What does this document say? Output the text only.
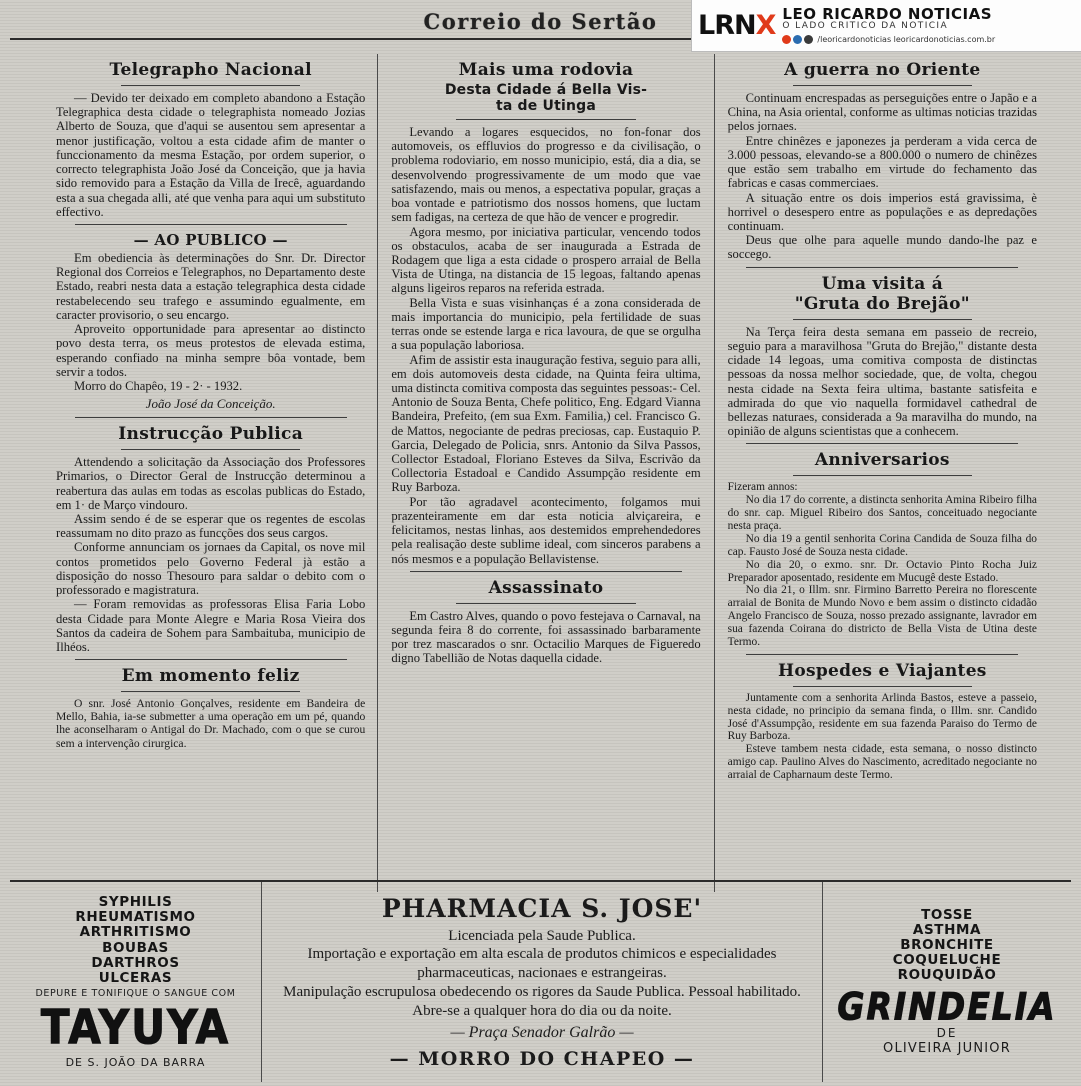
Correio do Sertão	LRNX LEO RICARDO NOTICIAS
O LADO CRITICO DA NOTICIA
/leoricardonoticias leoricardonoticias.com.br
Telegrapho Nacional

— Devido ter deixado em completo abandono a Estação Telegraphica desta cidade o telegraphista nomeado Jozias Alberto de Souza, que d'aqui se ausentou sem apresentar a menor justificação, voltou a esta cidade afim de manter o funccionamento da mesma Estação, por ordem superior, o correcto telegraphista João José da Conceição, que ja havia sido removido para a Estação da Villa de Irecê, aguardando esta a sua chegada alli, até que venha para aqui um substituto effectivo.

— AO PUBLICO —

Em obediencia às determinações do Snr. Dr. Director Regional dos Correios e Telegraphos, no Departamento deste Estado, reabri nesta data a estação telegraphica desta cidade restabelecendo seu trafego e assumindo egualmente, em caracter provisorio, o seu encargo.

Aproveito opportunidade para apresentar ao distincto povo desta terra, os meus protestos de elevada estima, esperando confiado na minha sempre bôa vontade, bem servir a todos.

Morro do Chapêo, 19 - 2· - 1932.

João José da Conceição.
Instrucção Publica

Attendendo a solicitação da Associação dos Professores Primarios, o Director Geral de Instrucção determinou a reabertura das aulas em todas as escolas publicas do Estado, em 1· de Março vindouro.

Assim sendo é de se esperar que os regentes de escolas reassumam no dito prazo as funcções dos seus cargos.

Conforme annunciam os jornaes da Capital, os nove mil contos prometidos pelo Governo Federal jà estão a disposição do nosso Thesouro para saldar o debito com o professorado e magistratura.

— Foram removidas as professoras Elisa Faria Lobo desta Cidade para Monte Alegre e Maria Rosa Vieira dos Santos da cadeira de Sohem para Sambaituba, municipio de Ilhéos.

Em momento feliz

O snr. José Antonio Gonçalves, residente em Bandeira de Mello, Bahia, ia-se submetter a uma operação em um pé, quando lhe aconselharam o Antigal do Dr. Machado, com o que se curou sem a intervenção cirurgica.

Mais uma rodovia
Desta Cidade á Bella Vis-
ta de Utinga

Levando a logares esquecidos, no fon-fonar dos automoveis, os effluvios do progresso e da civilisação, o problema rodoviario, em nosso municipio, está, dia a dia, se desenvolvendo progressivamente de um modo que vae satisfazendo, mais ou menos, a espectativa popular, graças a boa vontade e patriotismo dos nossos homens, que luctam sem fadigas, na certeza de que hão de vencer e progredir.

Agora mesmo, por iniciativa particular, vencendo todos os obstaculos, acaba de ser inaugurada a Estrada de Rodagem que liga a esta cidade o prospero arraial de Bella Vista de Utinga, na distancia de 15 legoas, faltando apenas alguns ligeiros reparos na referida estrada.

Bella Vista e suas visinhanças é a zona considerada de mais importancia do municipio, pela fertilidade de suas terras onde se estende larga e rica lavoura, de que se orgulha a sua população laboriosa.

Afim de assistir esta inauguração festiva, seguio para alli, em dois automoveis desta cidade, na Quinta feira ultima, uma distincta comitiva composta das seguintes pessoas:- Cel. Antonio de Souza Benta, Chefe politico, Eng. Edgard Vianna Bandeira, Prefeito, (em sua Exm. Familia,) cel. Francisco G. de Mattos, negociante de pedras preciosas, cap. Eustaquio P. Garcia, Delegado de Policia, snrs. Antonio da Silva Passos, Collector Estadoal, Floriano Esteves da Silva, Escrivão da Collectoria Estadoal e Candido Assumpção residente em Ruy Barboza.

Por tão agradavel acontecimento, folgamos mui prazenteiramente em dar esta noticia alviçareira, e felicitamos, nestas linhas, aos destemidos emprehendedores pela realisação deste sublime ideal, com sinceros parabens a nós mesmos e a população Bellavistense.

Assassinato

Em Castro Alves, quando o povo festejava o Carnaval, na segunda feira 8 do corrente, foi assassinado barbaramente por trez mascarados o snr. Octacilio Marques de Figueredo digno Tabellião de Notas daquella cidade.

A guerra no Oriente

Continuam encrespadas as perseguições entre o Japão e a China, na Asia oriental, conforme as ultimas noticias trazidas pelos jornaes.

Entre chinêzes e japonezes ja perderam a vida cerca de 3.000 pessoas, elevando-se a 800.000 o numero de chinêzes que estão sem trabalho em virtude do fechamento das fabricas e casas commerciaes.

A situação entre os dois imperios está gravissima, è horrivel o desespero entre as populações e as depredações continuam.

Deus que olhe para aquelle mundo dando-lhe paz e soccego.

Uma visita á
"Gruta do Brejão"

Na Terça feira desta semana em passeio de recreio, seguio para a maravilhosa "Gruta do Brejão," distante desta cidade 14 legoas, uma comitiva composta de distinctas pessoas da nossa melhor sociedade, que, de volta, chegou nesta cidade na Sexta feira ultima, bastante satisfeita e admirada do que vio naquella formidavel cathedral de bellezas naturaes, considerada a 9a maravilha do mundo, na opinião de alguns scientistas que a conhecem.

Anniversarios

Fizeram annos:

No dia 17 do corrente, a distincta senhorita Amina Ribeiro filha do snr. cap. Miguel Ribeiro dos Santos, conceituado negociante nesta praça.

No dia 19 a gentil senhorita Corina Candida de Souza filha do cap. Fausto José de Souza nesta cidade.

No dia 20, o exmo. snr. Dr. Octavio Pinto Rocha Juiz Preparador aposentado, residente em Mucugê deste Estado.

No dia 21, o Illm. snr. Firmino Barretto Pereira no florescente arraial de Bonita de Mundo Novo e bem assim o distincto cidadão Angelo Francisco de Souza, nosso prezado assignante, lavrador em sua fazenda Coirana do districto de Bella Vista de Utina deste Termo.

Hospedes e Viajantes

Juntamente com a senhorita Arlinda Bastos, esteve a passeio, nesta cidade, no principio da semana finda, o Illm. snr. Candido José d'Assumpção, residente em sua fazenda Paraiso do Termo de Ruy Barboza.

Esteve tambem nesta cidade, esta semana, o nosso distincto amigo cap. Paulino Alves do Nascimento, acreditado negociante no arraial de Capharnaum deste Termo.

SYPHILIS
RHEUMATISMO
ARTHRITISMO
BOUBAS
DARTHROS
ULCERAS
DEPURE E TONIFIQUE O SANGUE COM
TAYUYA
DE S. JOÃO DA BARRA
PHARMACIA S. JOSE'
Licenciada pela Saude Publica.
Importação e exportação em alta escala de produtos chimicos e especialidades pharmaceuticas, nacionaes e estrangeiras.
Manipulação escrupulosa obedecendo os rigores da Saude Publica. Pessoal habilitado.
Abre-se a qualquer hora do dia ou da noite.
— Praça Senador Galrão —
— MORRO DO CHAPEO —
TOSSE
ASTHMA
BRONCHITE
COQUELUCHE
ROUQUIDÃO
GRINDELIA
DE
OLIVEIRA JUNIOR
